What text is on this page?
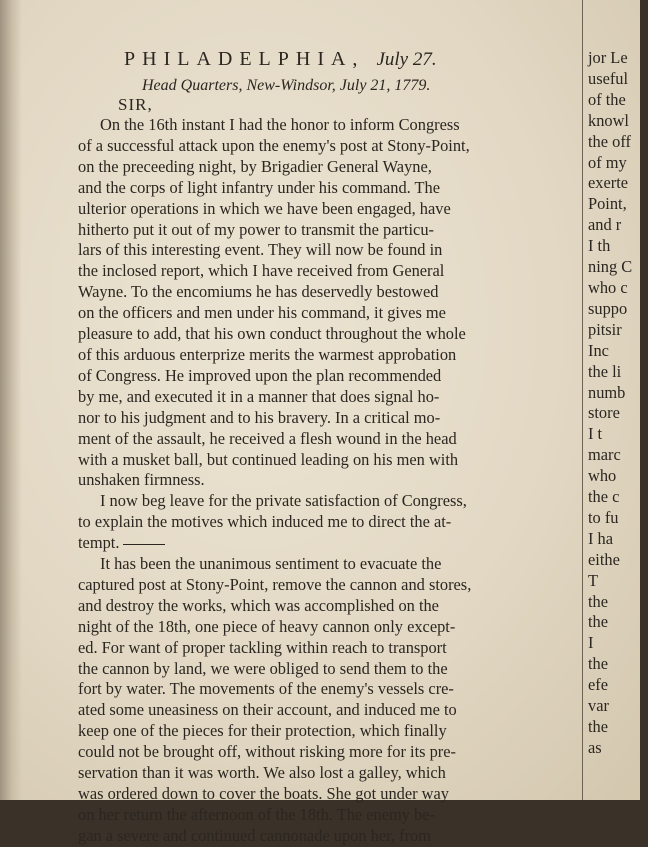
PHILADELPHIA, July 27.
Head Quarters, New-Windsor, July 21, 1779.
SIR,
On the 16th instant I had the honor to inform Congress
of a successful attack upon the enemy's post at Stony-Point,
on the preceeding night, by Brigadier General Wayne,
and the corps of light infantry under his command. The
ulterior operations in which we have been engaged, have
hitherto put it out of my power to transmit the particu-
lars of this interesting event. They will now be found in
the inclosed report, which I have received from General
Wayne. To the encomiums he has deservedly bestowed
on the officers and men under his command, it gives me
pleasure to add, that his own conduct throughout the whole
of this arduous enterprize merits the warmest approbation
of Congress. He improved upon the plan recommended
by me, and executed it in a manner that does signal ho-
nor to his judgment and to his bravery. In a critical mo-
ment of the assault, he received a flesh wound in the head
with a musket ball, but continued leading on his men with
unshaken firmness.
I now beg leave for the private satisfaction of Congress,
to explain the motives which induced me to direct the at-
tempt.
It has been the unanimous sentiment to evacuate the
captured post at Stony-Point, remove the cannon and stores,
and destroy the works, which was accomplished on the
night of the 18th, one piece of heavy cannon only except-
ed. For want of proper tackling within reach to transport
the cannon by land, we were obliged to send them to the
fort by water. The movements of the enemy's vessels cre-
ated some uneasiness on their account, and induced me to
keep one of the pieces for their protection, which finally
could not be brought off, without risking more for its pre-
servation than it was worth. We also lost a galley, which
was ordered down to cover the boats. She got under way
on her return the afternoon of the 18th. The enemy be-
gan a severe and continued cannonade upon her, from
jor Le
useful
of the
knowl
the off
of my
exerte
Point,
and r
I th
ning C
who c
suppo
pitsir
Inc
the li
numb
store
I t
marc
who
the c
to fu
I ha
eithe
T
the
the
I
the
efe
var
the
as
